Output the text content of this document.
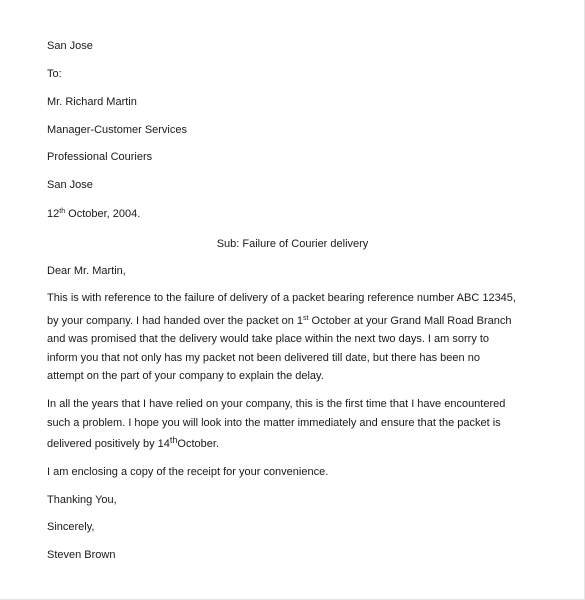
San Jose
To:
Mr. Richard Martin
Manager-Customer Services
Professional Couriers
San Jose
12th October, 2004.
Sub: Failure of Courier delivery
Dear Mr. Martin,
This is with reference to the failure of delivery of a packet bearing reference number ABC 12345,
by your company. I had handed over the packet on 1st October at your Grand Mall Road Branch
and was promised that the delivery would take place within the next two days. I am sorry to
inform you that not only has my packet not been delivered till date, but there has been no
attempt on the part of your company to explain the delay.
In all the years that I have relied on your company, this is the first time that I have encountered
such a problem. I hope you will look into the matter immediately and ensure that the packet is
delivered positively by 14thOctober.
I am enclosing a copy of the receipt for your convenience.
Thanking You,
Sincerely,
Steven Brown
